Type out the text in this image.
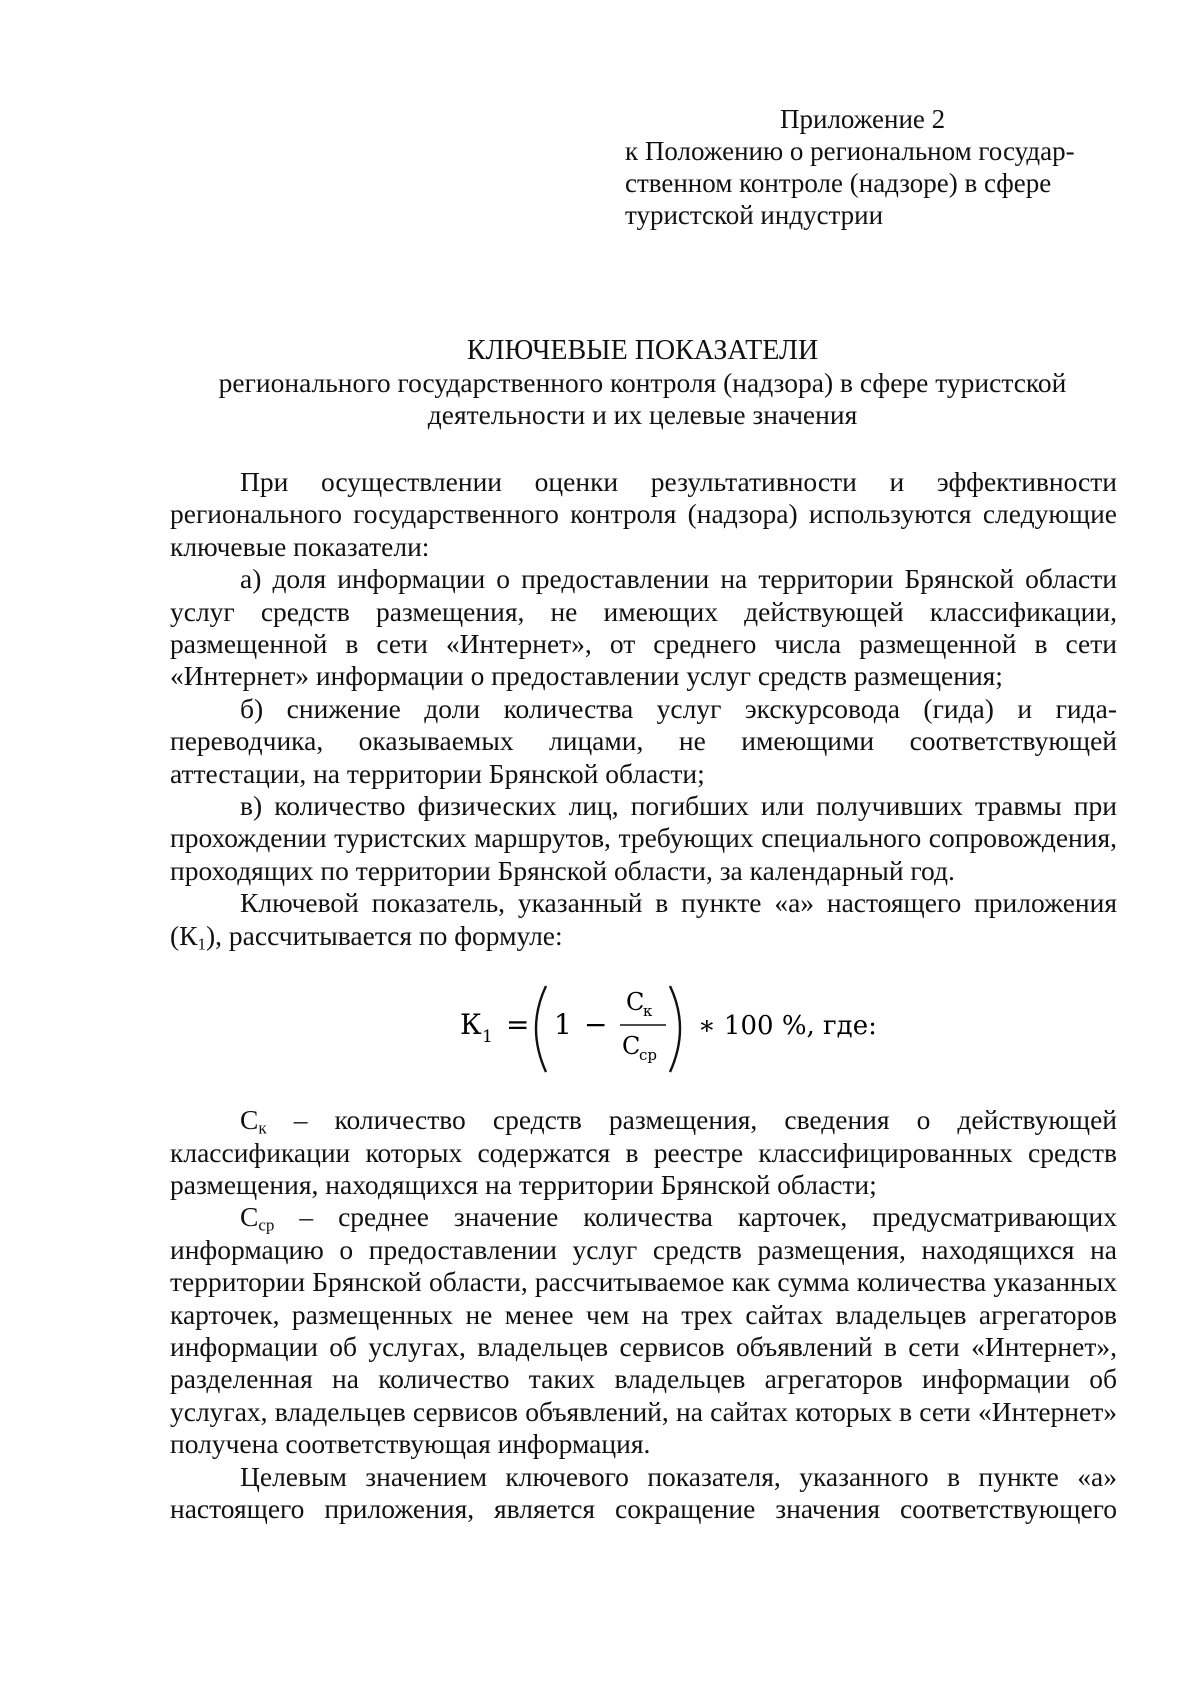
Приложение 2
к Положению о региональном государ-
ственном контроле (надзоре) в сфере
туристской индустрии
КЛЮЧЕВЫЕ ПОКАЗАТЕЛИ
регионального государственного контроля (надзора) в сфере туристской
деятельности и их целевые значения

При осуществлении оценки результативности и эффективности регионального государственного контроля (надзора) используются следующие ключевые показатели:

а) доля информации о предоставлении на территории Брянской области услуг средств размещения, не имеющих действующей классификации, размещенной в сети «Интернет», от среднего числа размещенной в сети «Интернет» информации о предоставлении услуг средств размещения;

б) снижение доли количества услуг экскурсовода (гида) и гида-переводчика, оказываемых лицами, не имеющими соответствующей аттестации, на территории Брянской области;

в) количество физических лиц, погибших или получивших травмы при прохождении туристских маршрутов, требующих специального сопровождения, проходящих по территории Брянской области, за календарный год.

Ключевой показатель, указанный в пункте «а» настоящего приложения $(К_1)$, рассчитывается по формуле:

К 1 = 1 −
С
к
С
ср
∗ 100 %, где:

$С_к$ – количество средств размещения, сведения о действующей классификации которых содержатся в реестре классифицированных средств размещения, находящихся на территории Брянской области;

$С_{ср}$ – среднее значение количества карточек, предусматривающих информацию о предоставлении услуг средств размещения, находящихся на территории Брянской области, рассчитываемое как сумма количества указанных карточек, размещенных не менее чем на трех сайтах владельцев агрегаторов информации об услугах, владельцев сервисов объявлений в сети «Интернет», разделенная на количество таких владельцев агрегаторов информации об услугах, владельцев сервисов объявлений, на сайтах которых в сети «Интернет» получена соответствующая информация.

Целевым значением ключевого показателя, указанного в пункте «а» настоящего приложения, является сокращение значения соответствующего
